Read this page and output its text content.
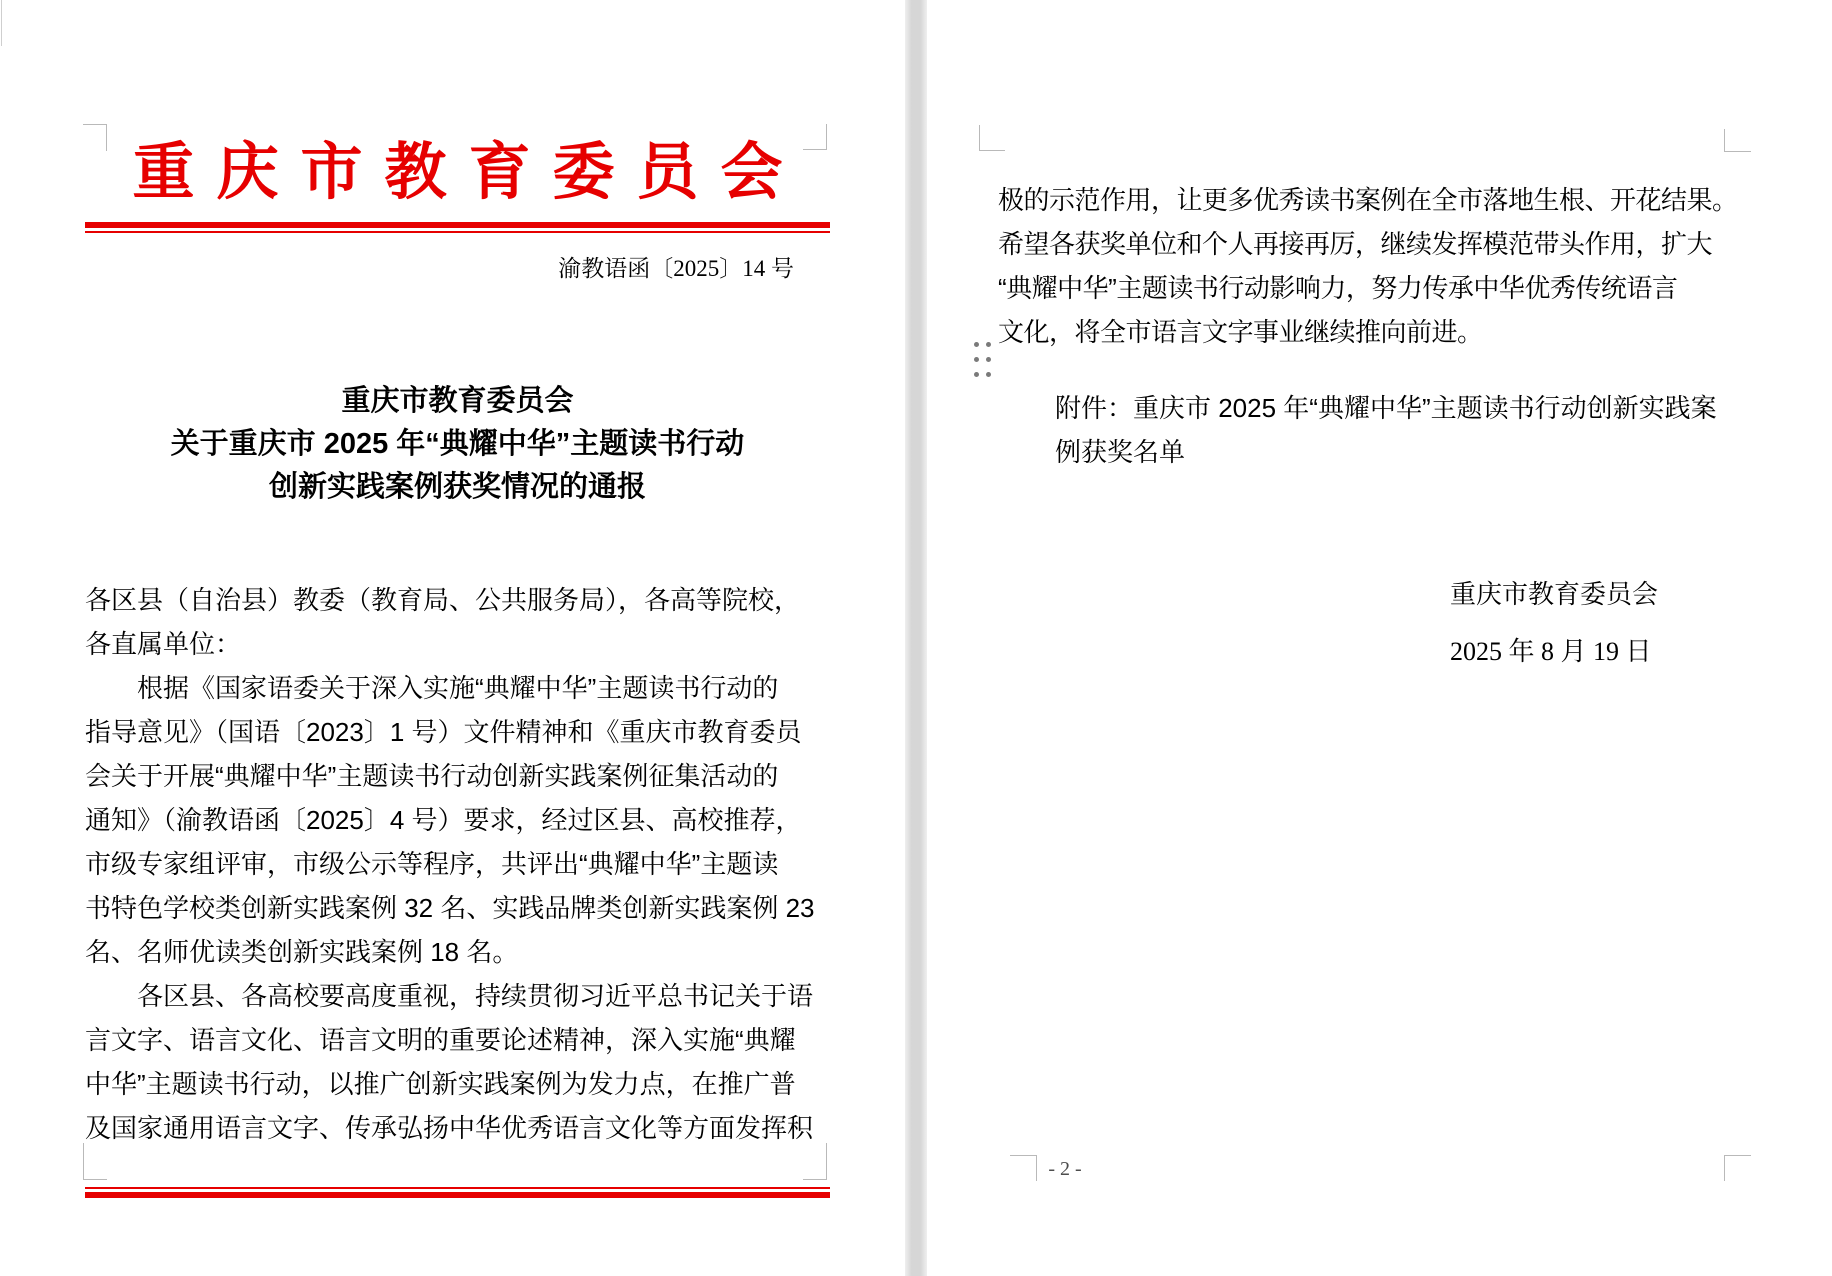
重庆市教育委员会
渝教语函〔2025〕14 号
重庆市教育委员会
关于重庆市 2025 年“典耀中华”主题读书行动
创新实践案例获奖情况的通报
各区县（自治县）教委（教育局、公共服务局），各高等院校，
各直属单位：
根据《国家语委关于深入实施“典耀中华”主题读书行动的
指导意见》（国语〔2023〕1 号）文件精神和《重庆市教育委员
会关于开展“典耀中华”主题读书行动创新实践案例征集活动的
通知》（渝教语函〔2025〕4 号）要求，经过区县、高校推荐，
市级专家组评审，市级公示等程序，共评出“典耀中华”主题读
书特色学校类创新实践案例 32 名、实践品牌类创新实践案例 23
名、名师优读类创新实践案例 18 名。
各区县、各高校要高度重视，持续贯彻习近平总书记关于语
言文字、语言文化、语言文明的重要论述精神，深入实施“典耀
中华”主题读书行动，以推广创新实践案例为发力点，在推广普
及国家通用语言文字、传承弘扬中华优秀语言文化等方面发挥积
极的示范作用，让更多优秀读书案例在全市落地生根、开花结果。
希望各获奖单位和个人再接再厉，继续发挥模范带头作用，扩大
“典耀中华”主题读书行动影响力，努力传承中华优秀传统语言
文化，将全市语言文字事业继续推向前进。
附件：重庆市 2025 年“典耀中华”主题读书行动创新实践案
例获奖名单
重庆市教育委员会
2025 年 8 月 19 日
- 2 -
